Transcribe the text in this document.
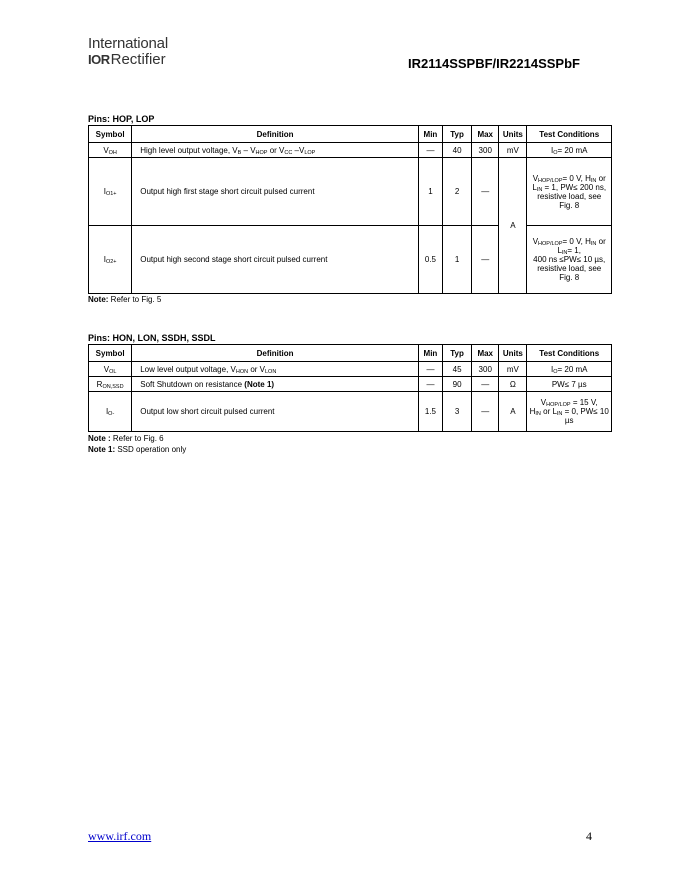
International
IORRectifier	IR2114SSPBF/IR2214SSPbF
Pins: HOP, LOP
Symbol	Definition	Min	Typ	Max	Units	Test Conditions
$V_{OH}$	High level output voltage, $V_B - V_{HOP}$ or $V_{CC}$ $-V_{LOP}$	—	40	300	mV	$I_O= 20$ mA
$I_{O1+}$	Output high first stage short circuit pulsed current	1	2	—	A	$V_{HOP/LOP}= 0$ V, $H_{IN}$ or $L_{IN} = 1$, PW≤ 200 ns, resistive load, see Fig. 8
$I_{O2+}$	Output high second stage short circuit pulsed current	0.5	1	—		$V_{HOP/LOP}= 0$ V, $H_{IN}$ or $L_{IN}= 1$,
400 ns ≤PW≤ 10 µs, resistive load, see Fig. 8
Note: Refer to Fig. 5
Pins: HON, LON, SSDH, SSDL
Symbol	Definition	Min	Typ	Max	Units	Test Conditions
$V_{OL}$	Low level output voltage, $V_{HON}$ or $V_{LON}$	—	45	300	mV	$I_O= 20$ mA
$R_{ON,SSD}$	Soft Shutdown on resistance (Note 1)	—	90	—	Ω	PW≤ 7 µs
$I_{O-}$	Output low short circuit pulsed current	1.5	3	—	A	$V_{HOP/LOP} = 15$ V,
$H_{IN}$ or $L_{IN} = 0$, PW≤ 10 µs
Note : Refer to Fig. 6
Note 1: SSD operation only
www.irf.com	4
